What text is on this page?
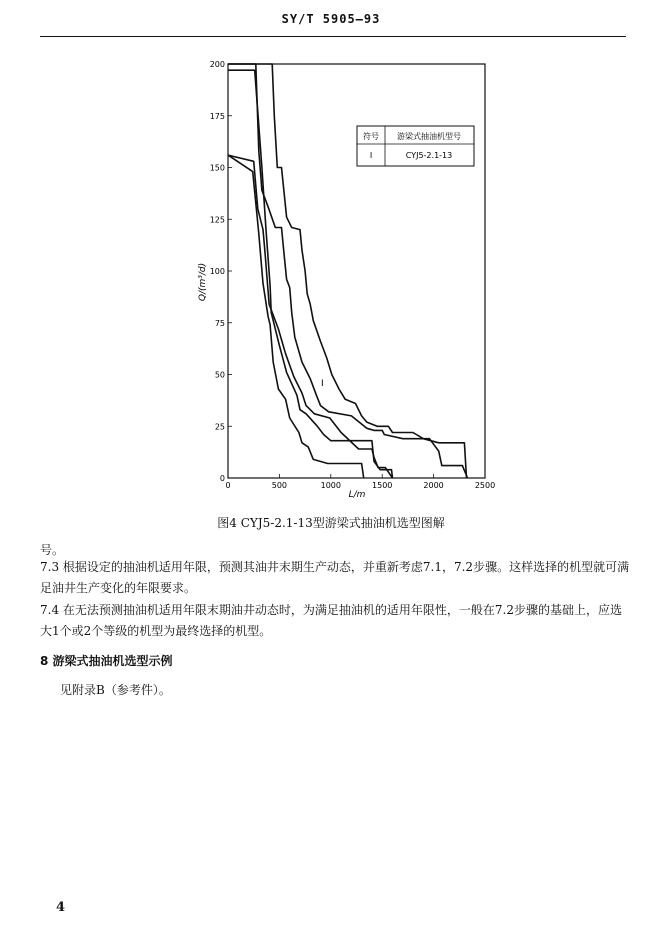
SY/T 5905—93
0
25
50
75
100
125
150
175
200
0	500	1000	1500	2000	2500
Q/(m³/d)
L/m
I
符号 游梁式抽油机型号
I	CYJ5-2.1-13
图4 CYJ5-2.1-13型游梁式抽油机选型图解
号。
7.3 根据设定的抽油机适用年限，预测其油井末期生产动态，并重新考虑7.1，7.2步骤。这样选择的机型就可满足油井生产变化的年限要求。
7.4 在无法预测抽油机适用年限末期油井动态时，为满足抽油机的适用年限性，一般在7.2步骤的基础上，应选大1个或2个等级的机型为最终选择的机型。
8 游梁式抽油机选型示例
见附录B（参考件）。
4
